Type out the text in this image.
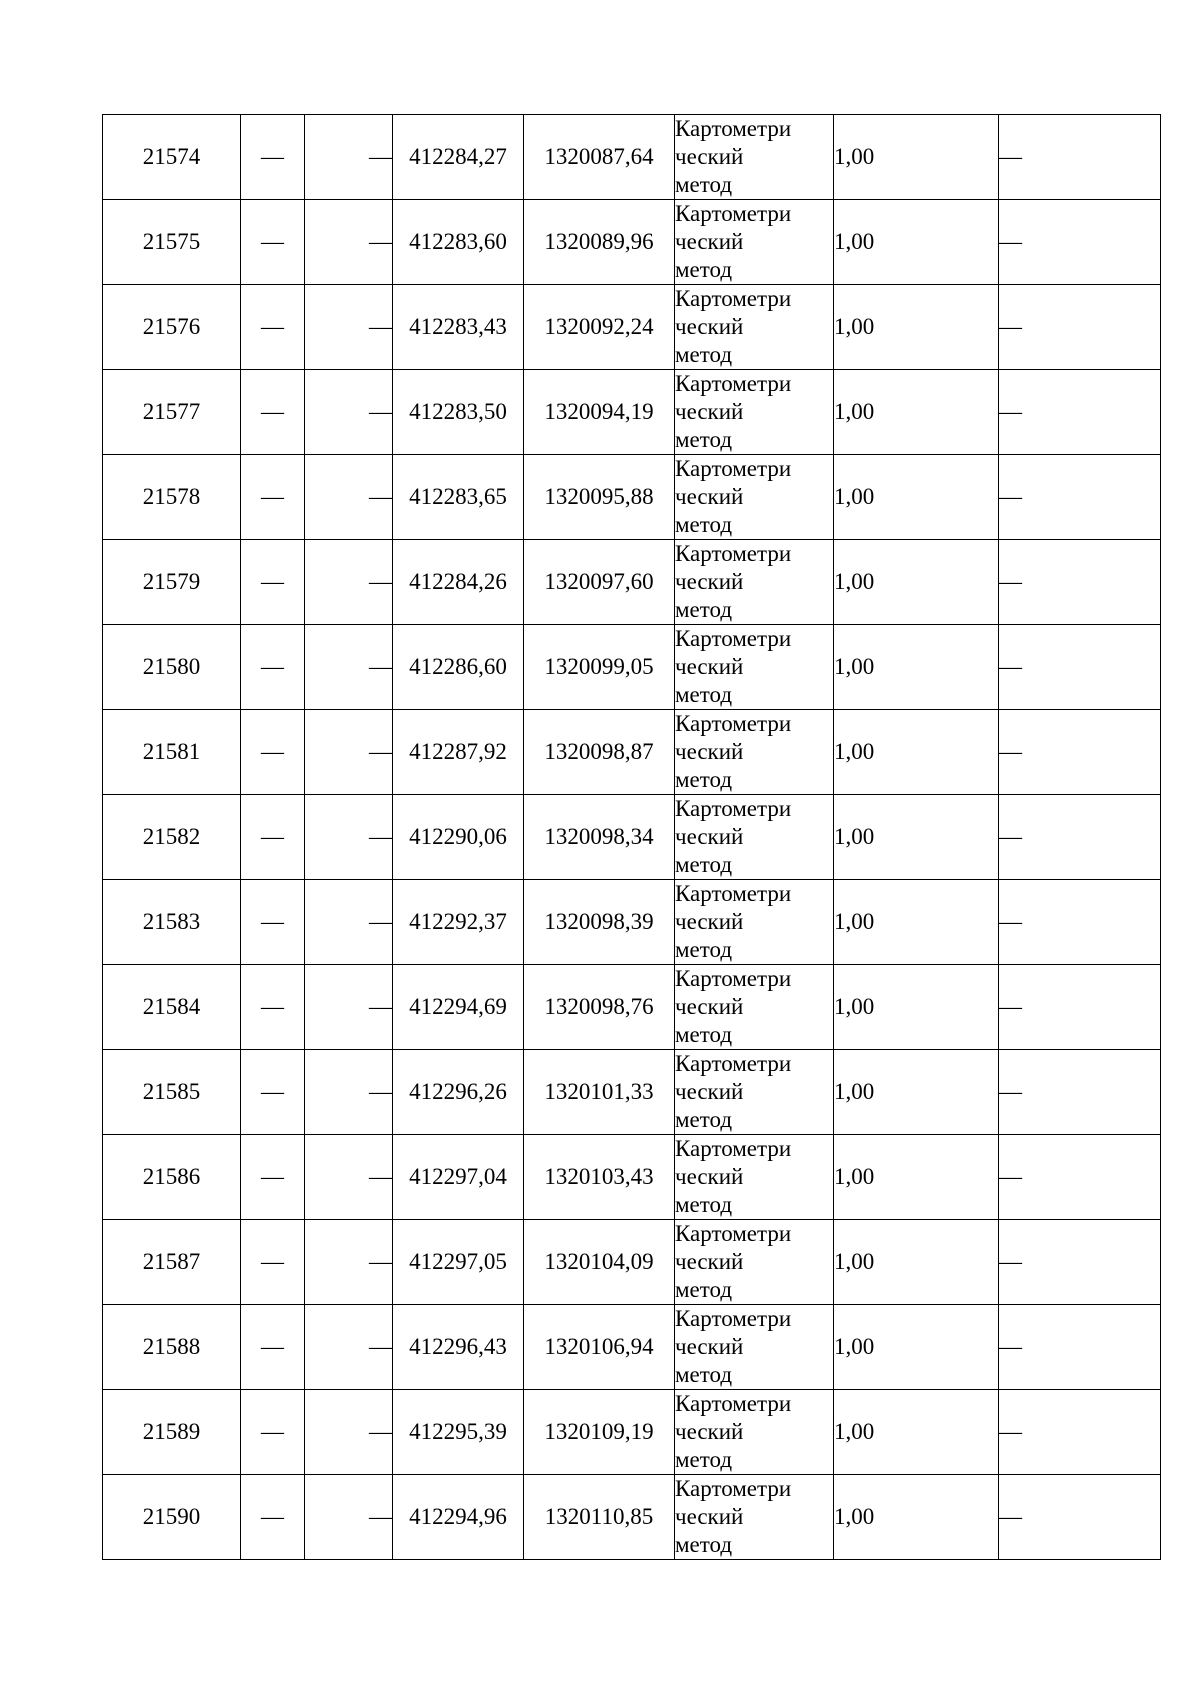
21574	—	—	412284,27	1320087,64	Картометри
ческий
метод	1,00	—
21575	—	—	412283,60	1320089,96	Картометри
ческий
метод	1,00	—
21576	—	—	412283,43	1320092,24	Картометри
ческий
метод	1,00	—
21577	—	—	412283,50	1320094,19	Картометри
ческий
метод	1,00	—
21578	—	—	412283,65	1320095,88	Картометри
ческий
метод	1,00	—
21579	—	—	412284,26	1320097,60	Картометри
ческий
метод	1,00	—
21580	—	—	412286,60	1320099,05	Картометри
ческий
метод	1,00	—
21581	—	—	412287,92	1320098,87	Картометри
ческий
метод	1,00	—
21582	—	—	412290,06	1320098,34	Картометри
ческий
метод	1,00	—
21583	—	—	412292,37	1320098,39	Картометри
ческий
метод	1,00	—
21584	—	—	412294,69	1320098,76	Картометри
ческий
метод	1,00	—
21585	—	—	412296,26	1320101,33	Картометри
ческий
метод	1,00	—
21586	—	—	412297,04	1320103,43	Картометри
ческий
метод	1,00	—
21587	—	—	412297,05	1320104,09	Картометри
ческий
метод	1,00	—
21588	—	—	412296,43	1320106,94	Картометри
ческий
метод	1,00	—
21589	—	—	412295,39	1320109,19	Картометри
ческий
метод	1,00	—
21590	—	—	412294,96	1320110,85	Картометри
ческий
метод	1,00	—
